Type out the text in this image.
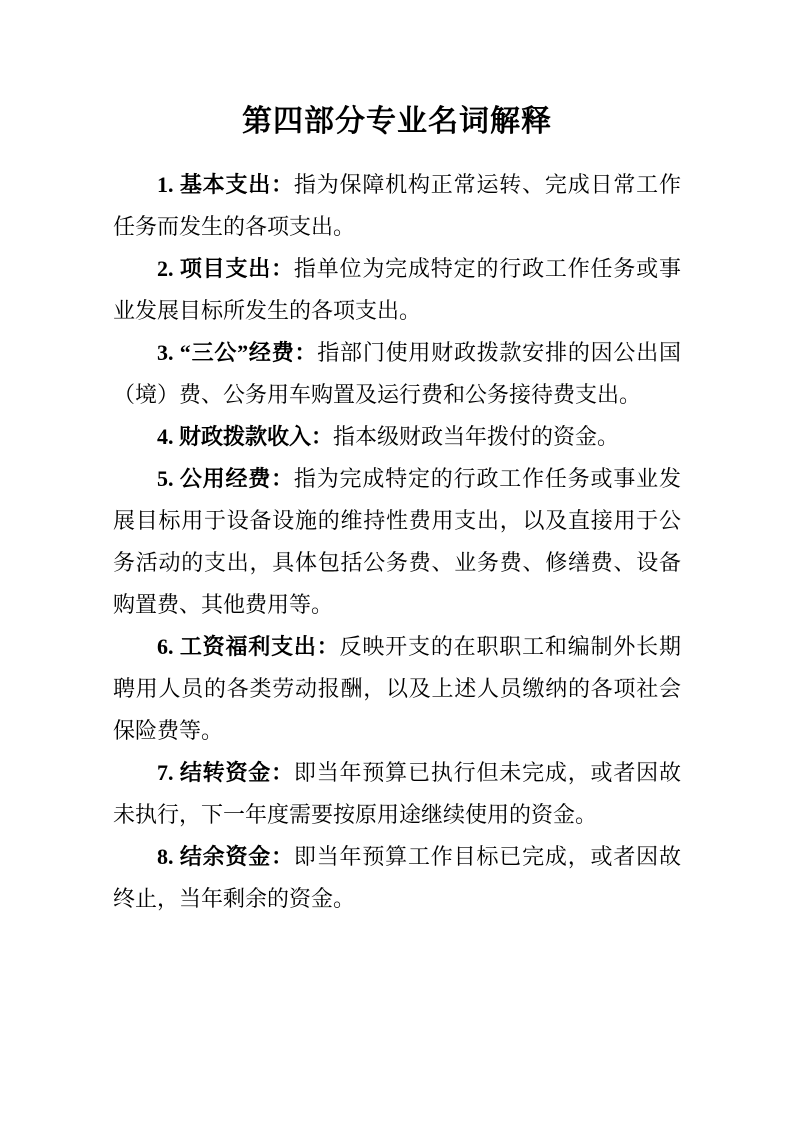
第四部分专业名词解释

1. 基本支出：指为保障机构正常运转、完成日常工作任务而发生的各项支出。

2. 项目支出：指单位为完成特定的行政工作任务或事业发展目标所发生的各项支出。

3. “三公”经费：指部门使用财政拨款安排的因公出国（境）费、公务用车购置及运行费和公务接待费支出。

4. 财政拨款收入：指本级财政当年拨付的资金。

5. 公用经费：指为完成特定的行政工作任务或事业发展目标用于设备设施的维持性费用支出，以及直接用于公务活动的支出，具体包括公务费、业务费、修缮费、设备购置费、其他费用等。

6. 工资福利支出：反映开支的在职职工和编制外长期聘用人员的各类劳动报酬，以及上述人员缴纳的各项社会保险费等。

7. 结转资金：即当年预算已执行但未完成，或者因故未执行，下一年度需要按原用途继续使用的资金。

8. 结余资金：即当年预算工作目标已完成，或者因故终止，当年剩余的资金。
